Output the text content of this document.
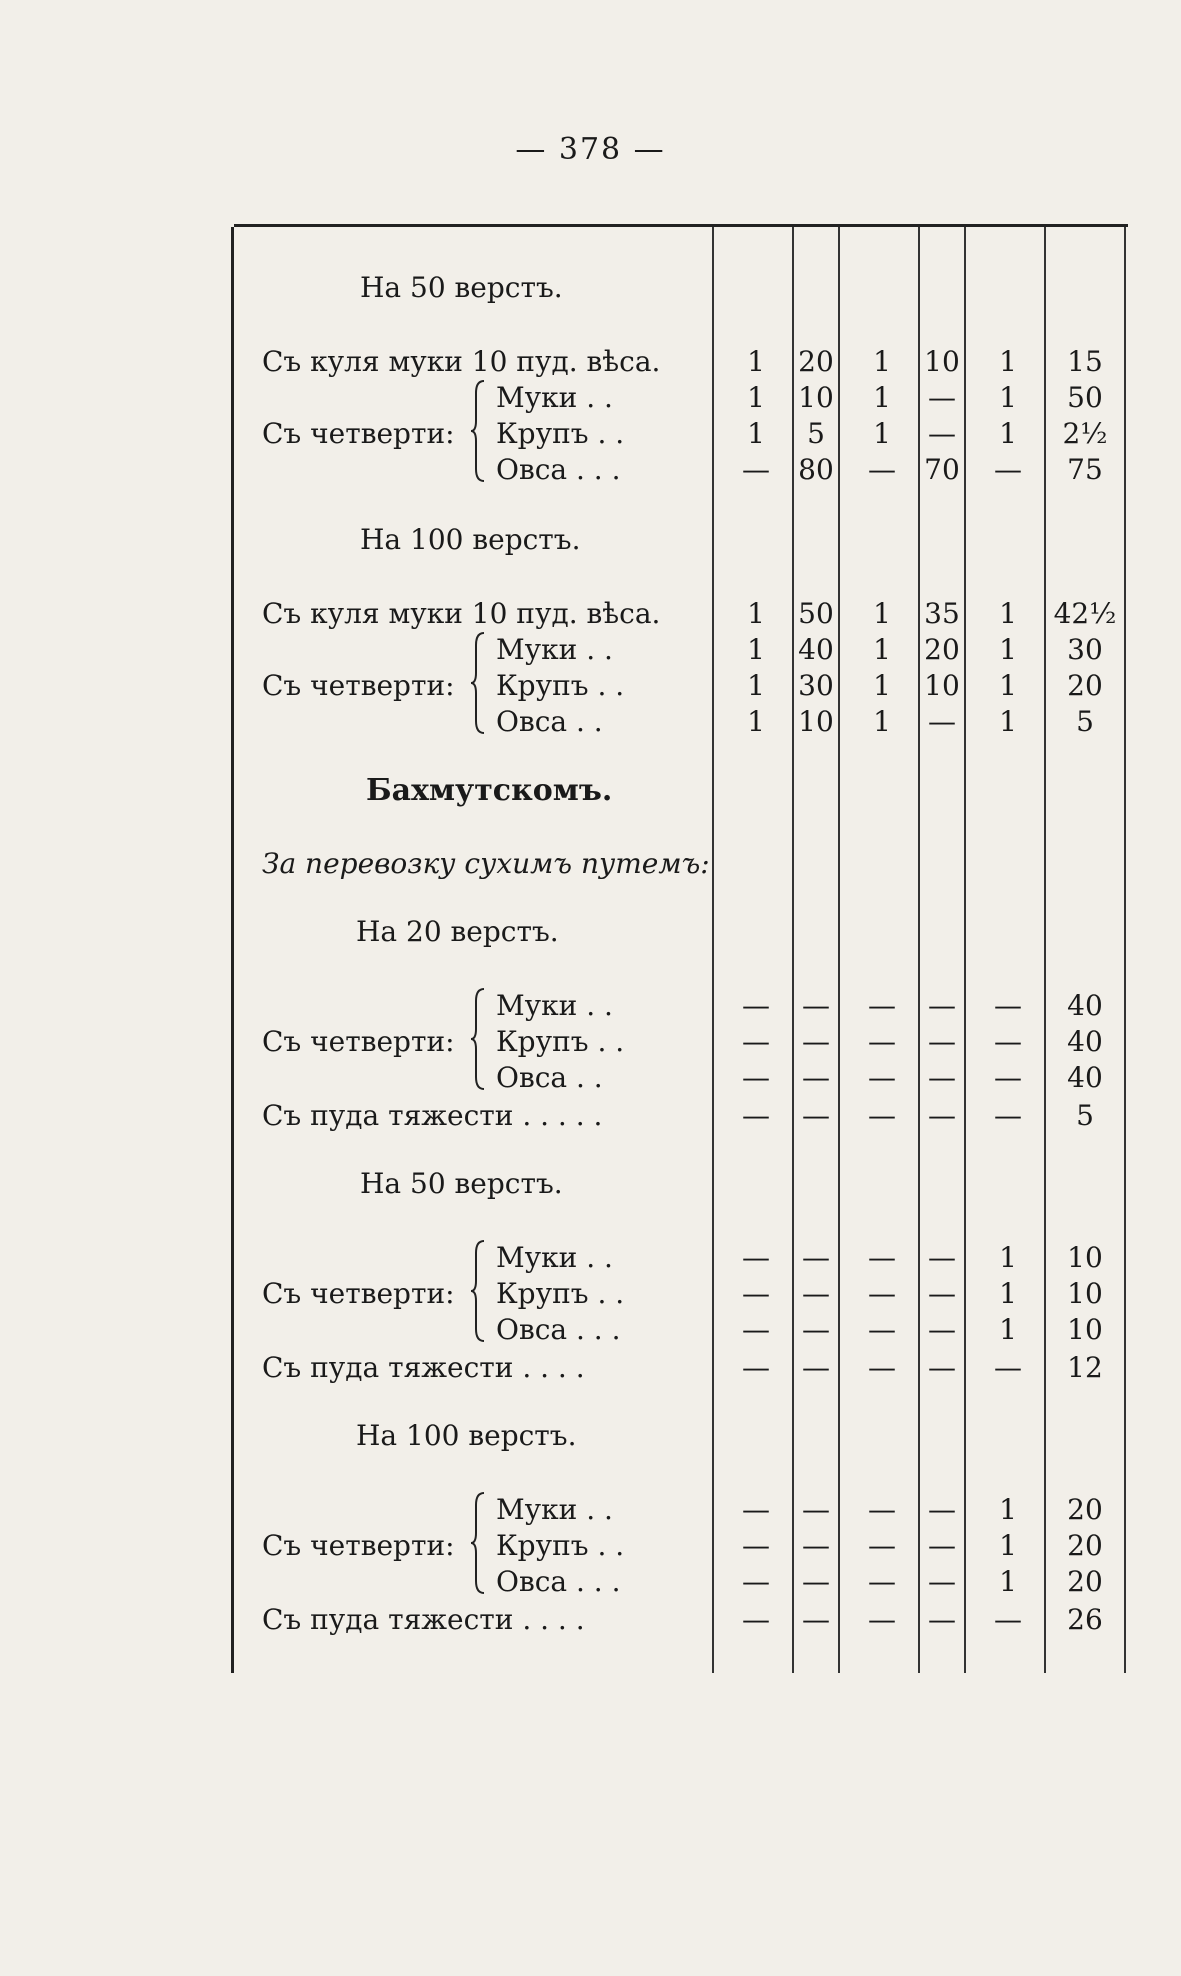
— 378 —
На 50 верстъ.
Съ куля муки 10 пуд. вѣса.	1	20	1	10	1	15
Съ четверти:
Муки . .	1	10	1	—	1	50
Крупъ . .	1	5	1	—	1	2½
Овса . . .	— 80 — 70 —	75
На 100 верстъ.
Съ куля муки 10 пуд. вѣса.	1	50	1	35	1	42½
Съ четверти:
Муки . .	1	40	1	20	1	30
Крупъ . .	1	30	1	10	1	20
Овса . .	1	10	1	—	1	5
Бахмутскомъ.
За перевозку сухимъ путемъ:
На 20 верстъ.
Съ четверти:
Муки . .	— — — — —	40
Крупъ . .	— — — — —	40
Овса . .	— — — — —	40
Съ пуда тяжести . . . . .	— — — — —	5
На 50 верстъ.
Съ четверти:
Муки . .	— — — —	1	10
Крупъ . .	— — — —	1	10
Овса . . .	— — — —	1	10
Съ пуда тяжести . . . .	— — — — —	12
На 100 верстъ.
Съ четверти:
Муки . .	— — — —	1	20
Крупъ . .	— — — —	1	20
Овса . . .	— — — —	1	20
Съ пуда тяжести . . . .	— — — — —	26
